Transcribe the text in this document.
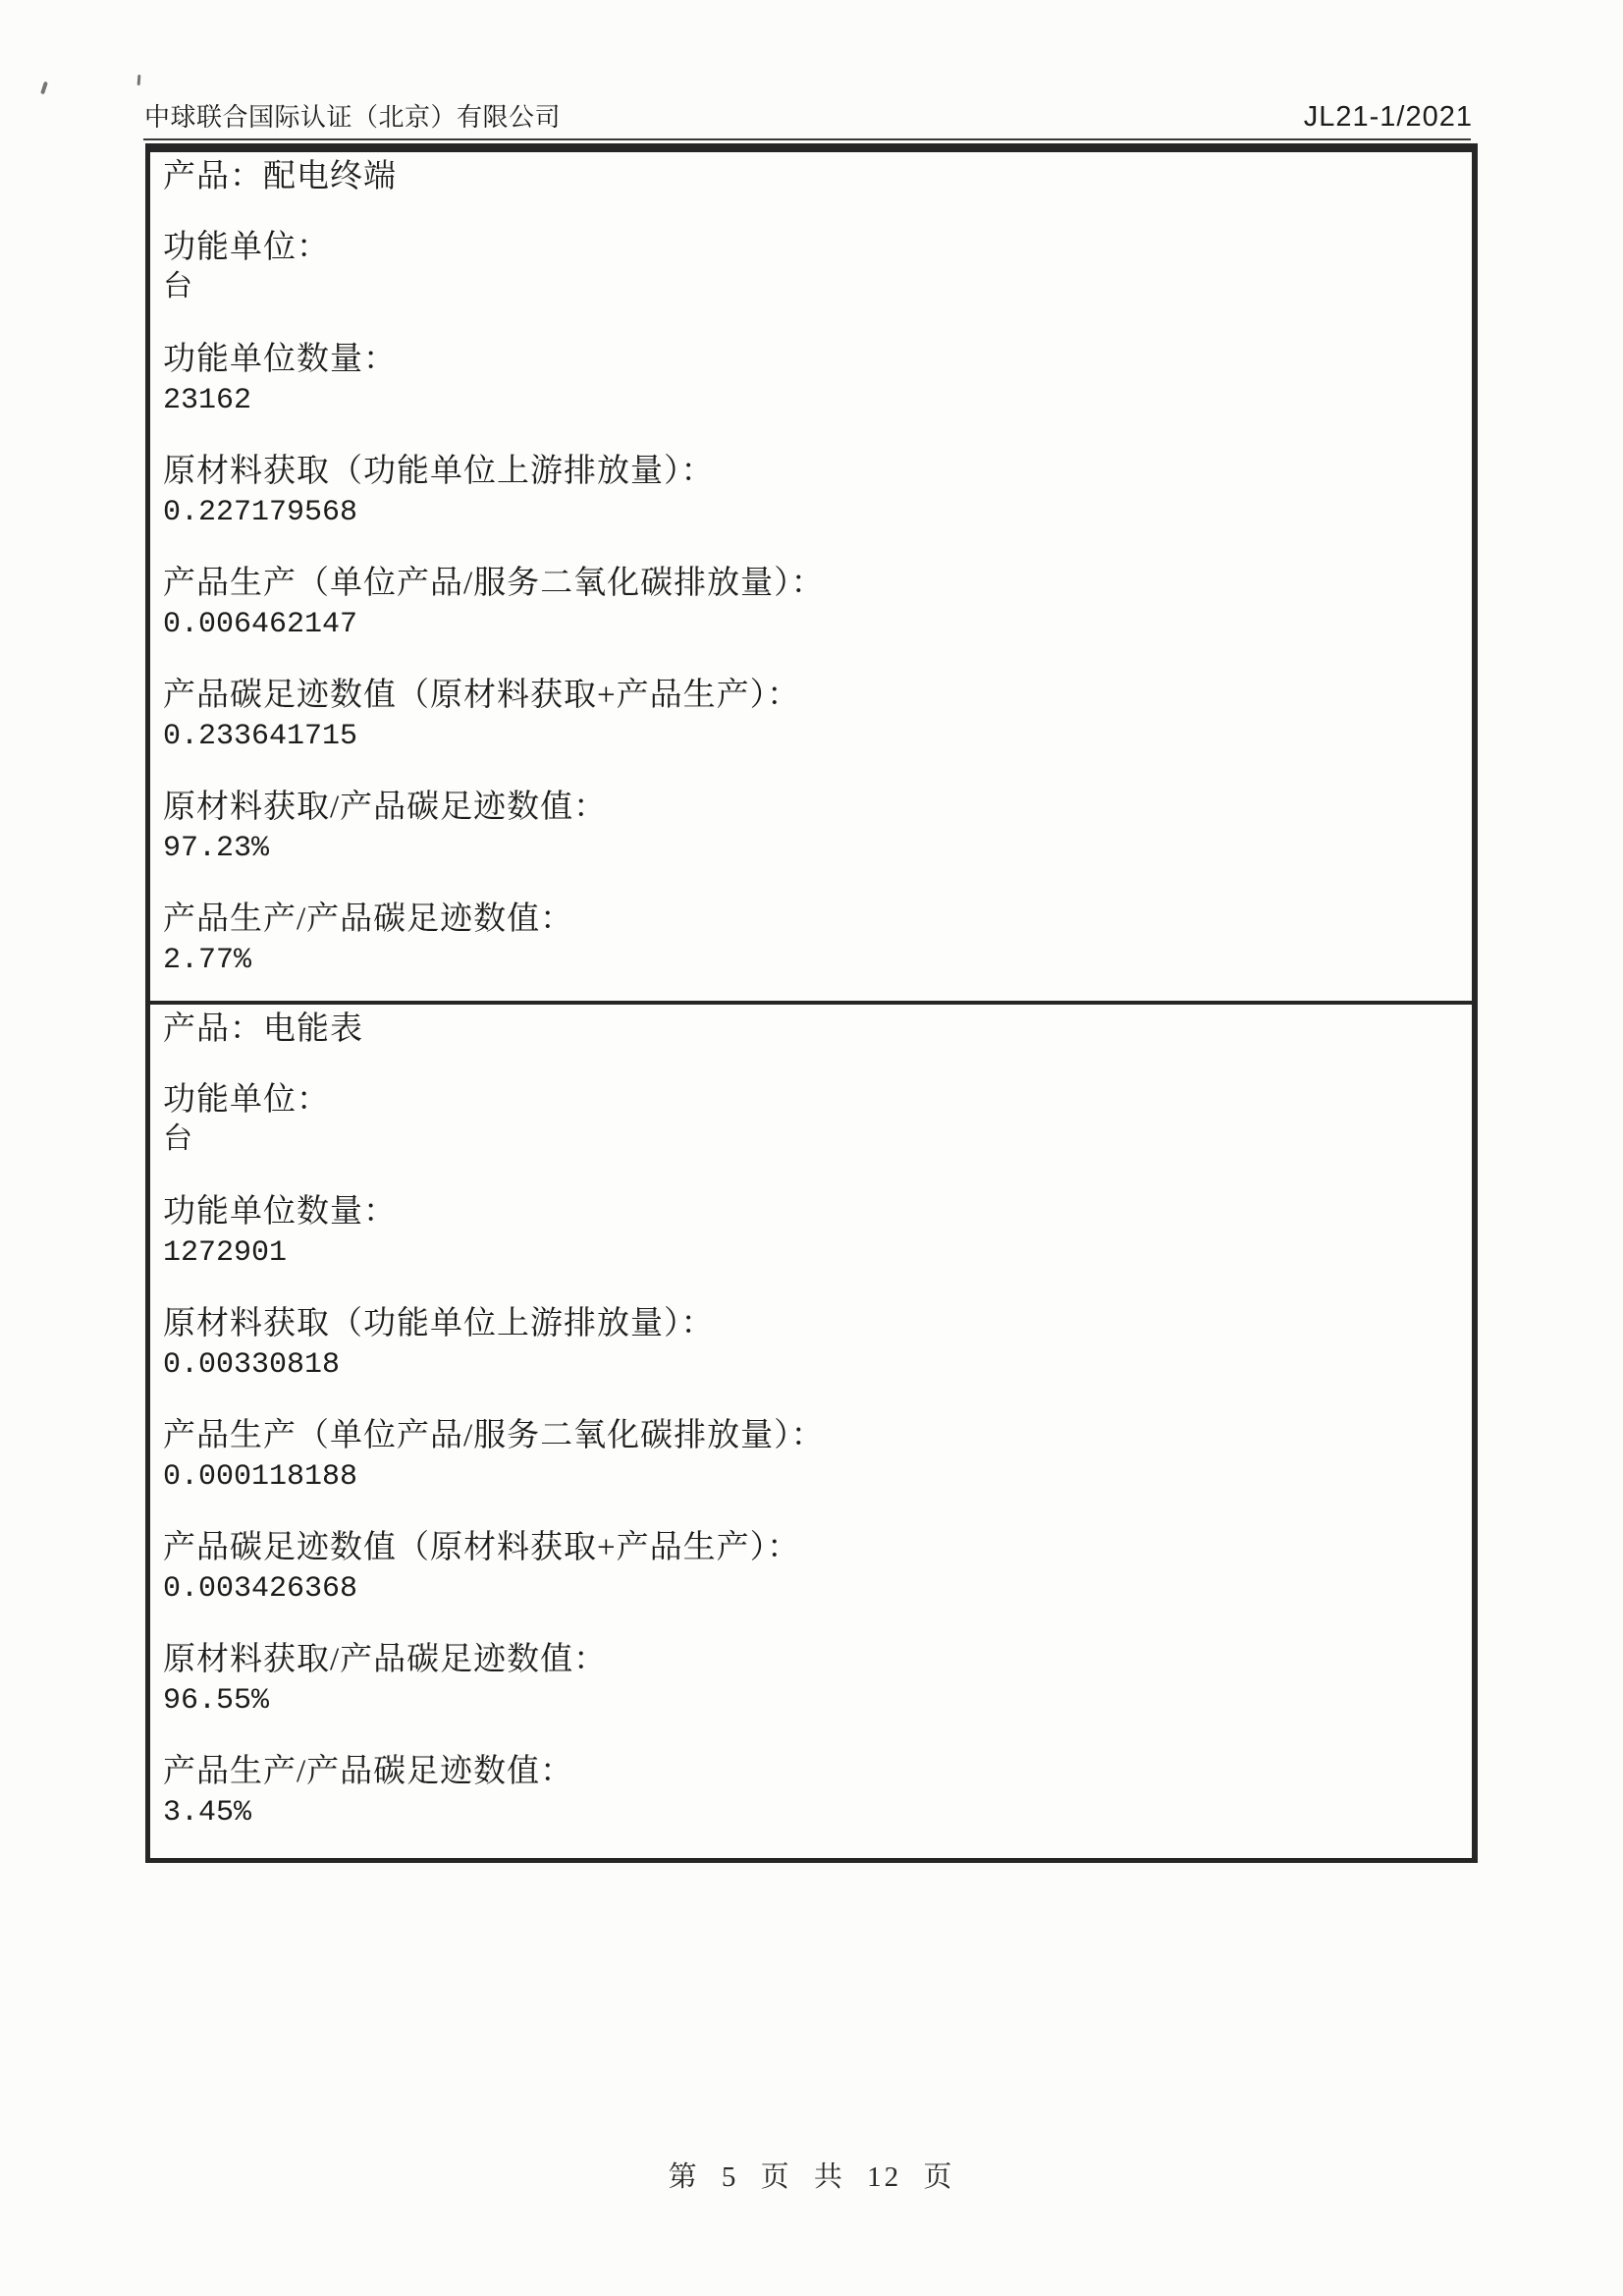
中球联合国际认证（北京）有限公司	JL21-1/2021
产品：配电终端
功能单位：
台
功能单位数量：
23162
原材料获取（功能单位上游排放量）：
0.227179568
产品生产（单位产品/服务二氧化碳排放量）：
0.006462147
产品碳足迹数值（原材料获取+产品生产）：
0.233641715
原材料获取/产品碳足迹数值：
97.23%
产品生产/产品碳足迹数值：
2.77%
产品：电能表
功能单位：
台
功能单位数量：
1272901
原材料获取（功能单位上游排放量）：
0.00330818
产品生产（单位产品/服务二氧化碳排放量）：
0.000118188
产品碳足迹数值（原材料获取+产品生产）：
0.003426368
原材料获取/产品碳足迹数值：
96.55%
产品生产/产品碳足迹数值：
3.45%
第 5 页 共 12 页
